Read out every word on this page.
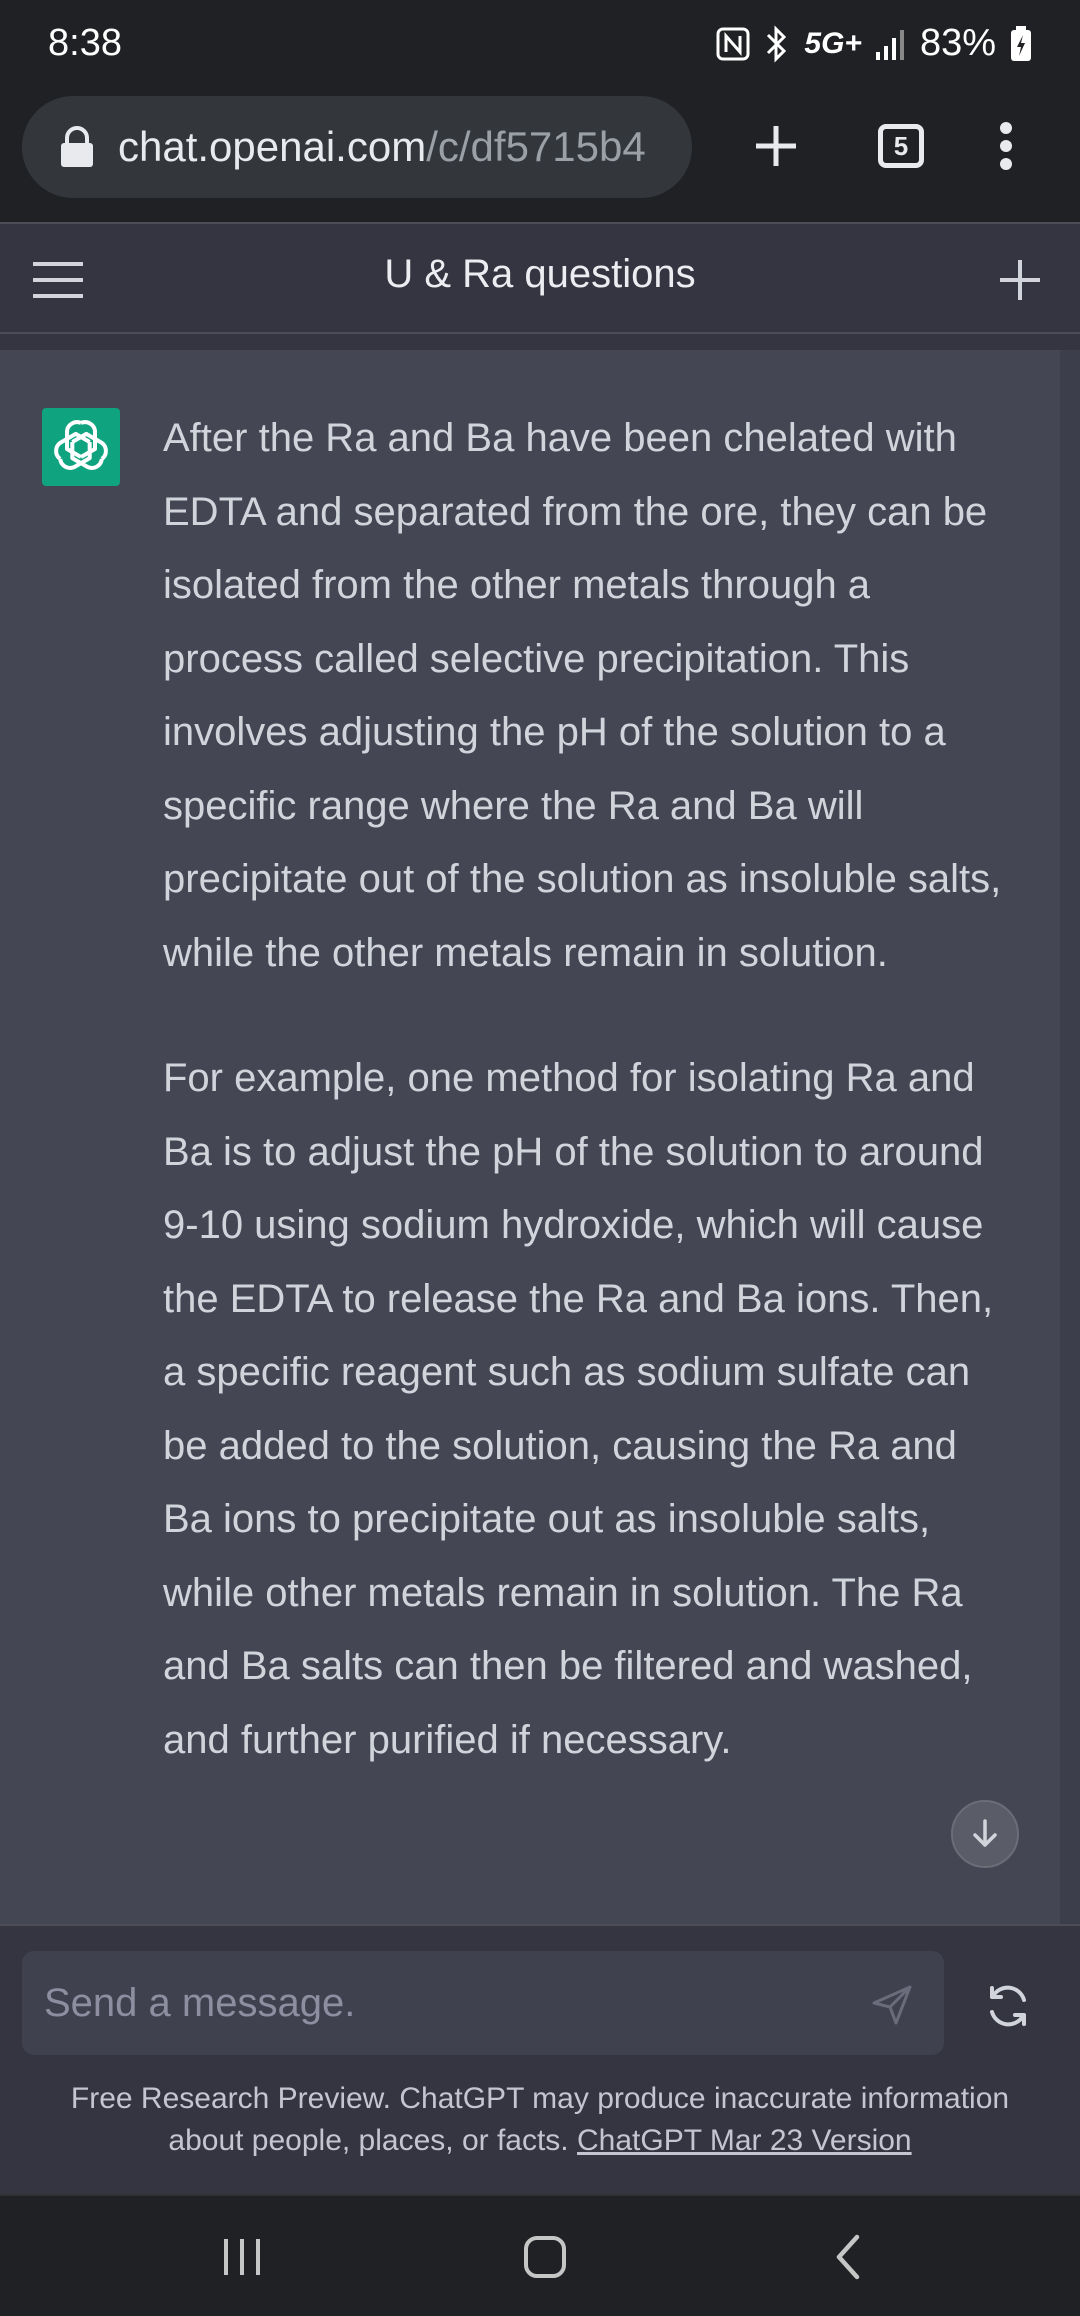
8:38	5G+ 83%
chat.openai.com/c/df5715b4	5
U & Ra questions

After the Ra and Ba have been chelated with EDTA and separated from the ore, they can be isolated from the other metals through a process called selective precipitation. This involves adjusting the pH of the solution to a specific range where the Ra and Ba will precipitate out of the solution as insoluble salts, while the other metals remain in solution.

For example, one method for isolating Ra and Ba is to adjust the pH of the solution to around 9-10 using sodium hydroxide, which will cause the EDTA to release the Ra and Ba ions. Then, a specific reagent such as sodium sulfate can be added to the solution, causing the Ra and Ba ions to precipitate out as insoluble salts, while other metals remain in solution. The Ra and Ba salts can then be filtered and washed, and further purified if necessary.

Send a message.
Free Research Preview. ChatGPT may produce inaccurate information about people, places, or facts. ChatGPT Mar 23 Version
